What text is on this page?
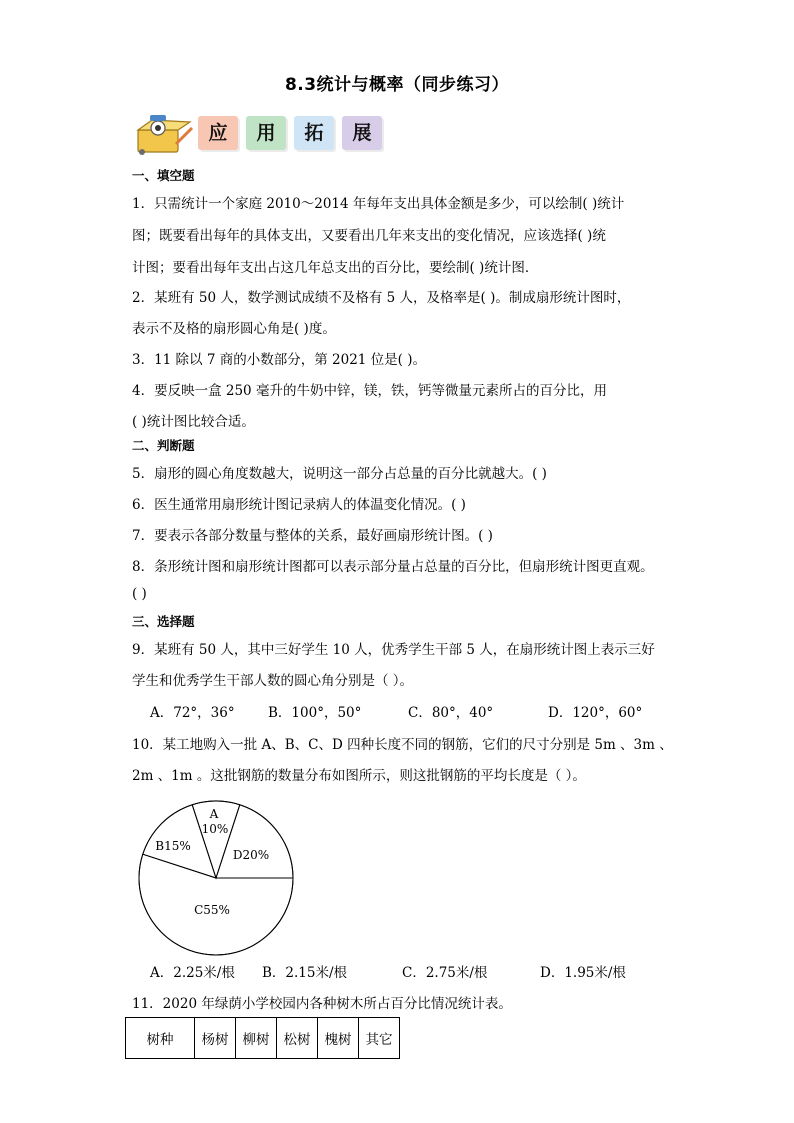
8.3统计与概率（同步练习）
应	用	拓	展
一、填空题
1．只需统计一个家庭 2010～2014 年每年支出具体金额是多少，可以绘制( )统计
图；既要看出每年的具体支出，又要看出几年来支出的变化情况，应该选择( )统
计图；要看出每年支出占这几年总支出的百分比，要绘制( )统计图．
2．某班有 50 人，数学测试成绩不及格有 5 人，及格率是( )。制成扇形统计图时，
表示不及格的扇形圆心角是( )度。
3．11 除以 7 商的小数部分，第 2021 位是( )。
4．要反映一盒 250 毫升的牛奶中锌，镁，铁，钙等微量元素所占的百分比，用
( )统计图比较合适。
二、判断题
5．扇形的圆心角度数越大，说明这一部分占总量的百分比就越大。( )
6．医生通常用扇形统计图记录病人的体温变化情况。( )
7．要表示各部分数量与整体的关系，最好画扇形统计图。( )
8．条形统计图和扇形统计图都可以表示部分量占总量的百分比，但扇形统计图更直观。
( )
三、选择题
9．某班有 50 人，其中三好学生 10 人，优秀学生干部 5 人，在扇形统计图上表示三好
学生和优秀学生干部人数的圆心角分别是（ ）。
A．72°，36° B．100°，50°	C．80°，40°	D．120°，60°
10．某工地购入一批 A、B、C、D 四种长度不同的钢筋，它们的尺寸分别是 5m 、3m 、
2m 、1m 。这批钢筋的数量分布如图所示，则这批钢筋的平均长度是（ ）。
A
10%
B15%
D20%
C55%
A．2.25米/根 B．2.15米/根	C．2.75米/根	D．1.95米/根
11．2020 年绿荫小学校园内各种树木所占百分比情况统计表。
树种	杨树	柳树	松树	槐树	其它
